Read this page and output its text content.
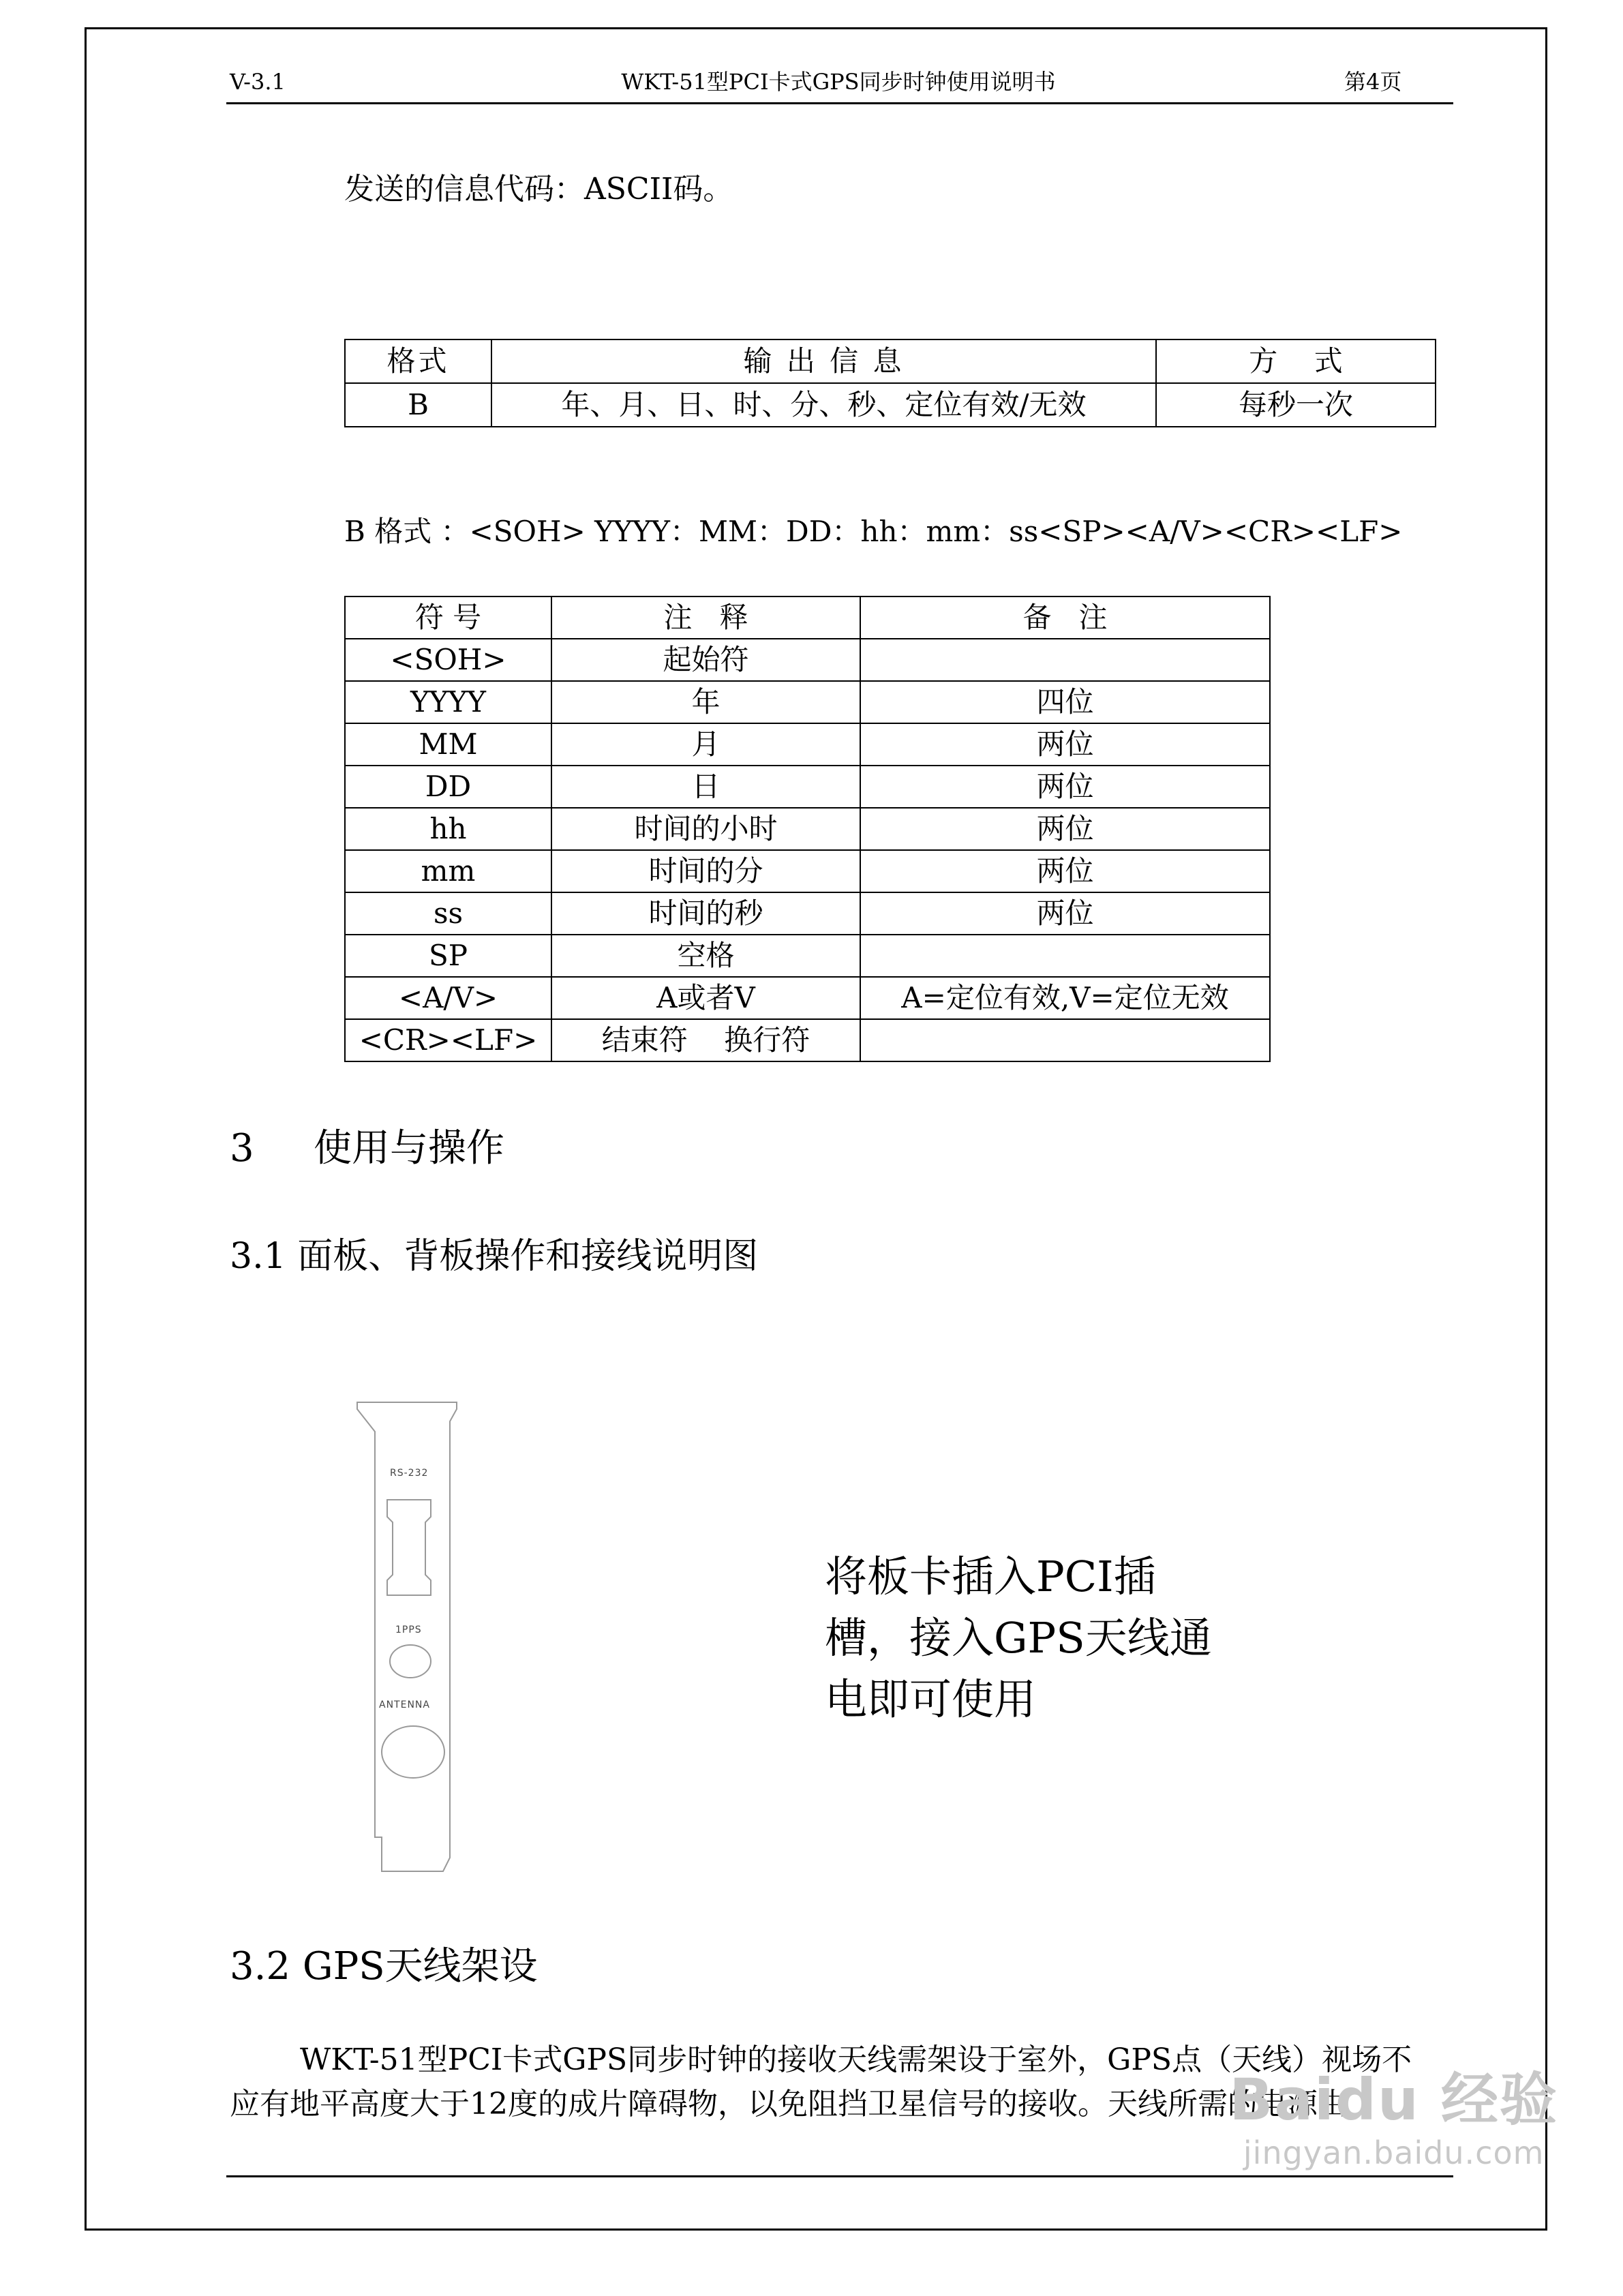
V-3.1	WKT-51型PCI卡式GPS同步时钟使用说明书	第4页
发送的信息代码：ASCII码。
格式	输 出 信 息	方    式
B	年、月、日、时、分、秒、定位有效/无效	每秒一次
B 格式 ：<SOH> YYYY：MM：DD：hh：mm：ss<SP><A/V><CR><LF>
符 号	注   释	备   注
<SOH>	起始符	
YYYY	年	四位
MM	月	两位
DD	日	两位
hh	时间的小时	两位
mm	时间的分	两位
ss	时间的秒	两位
SP	空格	
<A/V>	A或者V	A=定位有效,V=定位无效
<CR><LF>	结束符    换行符	
3 使用与操作
3.1 面板、背板操作和接线说明图
RS-232
1PPS
ANTENNA
将板卡插入PCI插
槽，接入GPS天线通
电即可使用
3.2 GPS天线架设
WKT-51型PCI卡式GPS同步时钟的接收天线需架设于室外，GPS点（天线）视场不
应有地平高度大于12度的成片障碍物，以免阻挡卫星信号的接收。天线所需的电源由
Baidu 经验
jingyan.baidu.com
